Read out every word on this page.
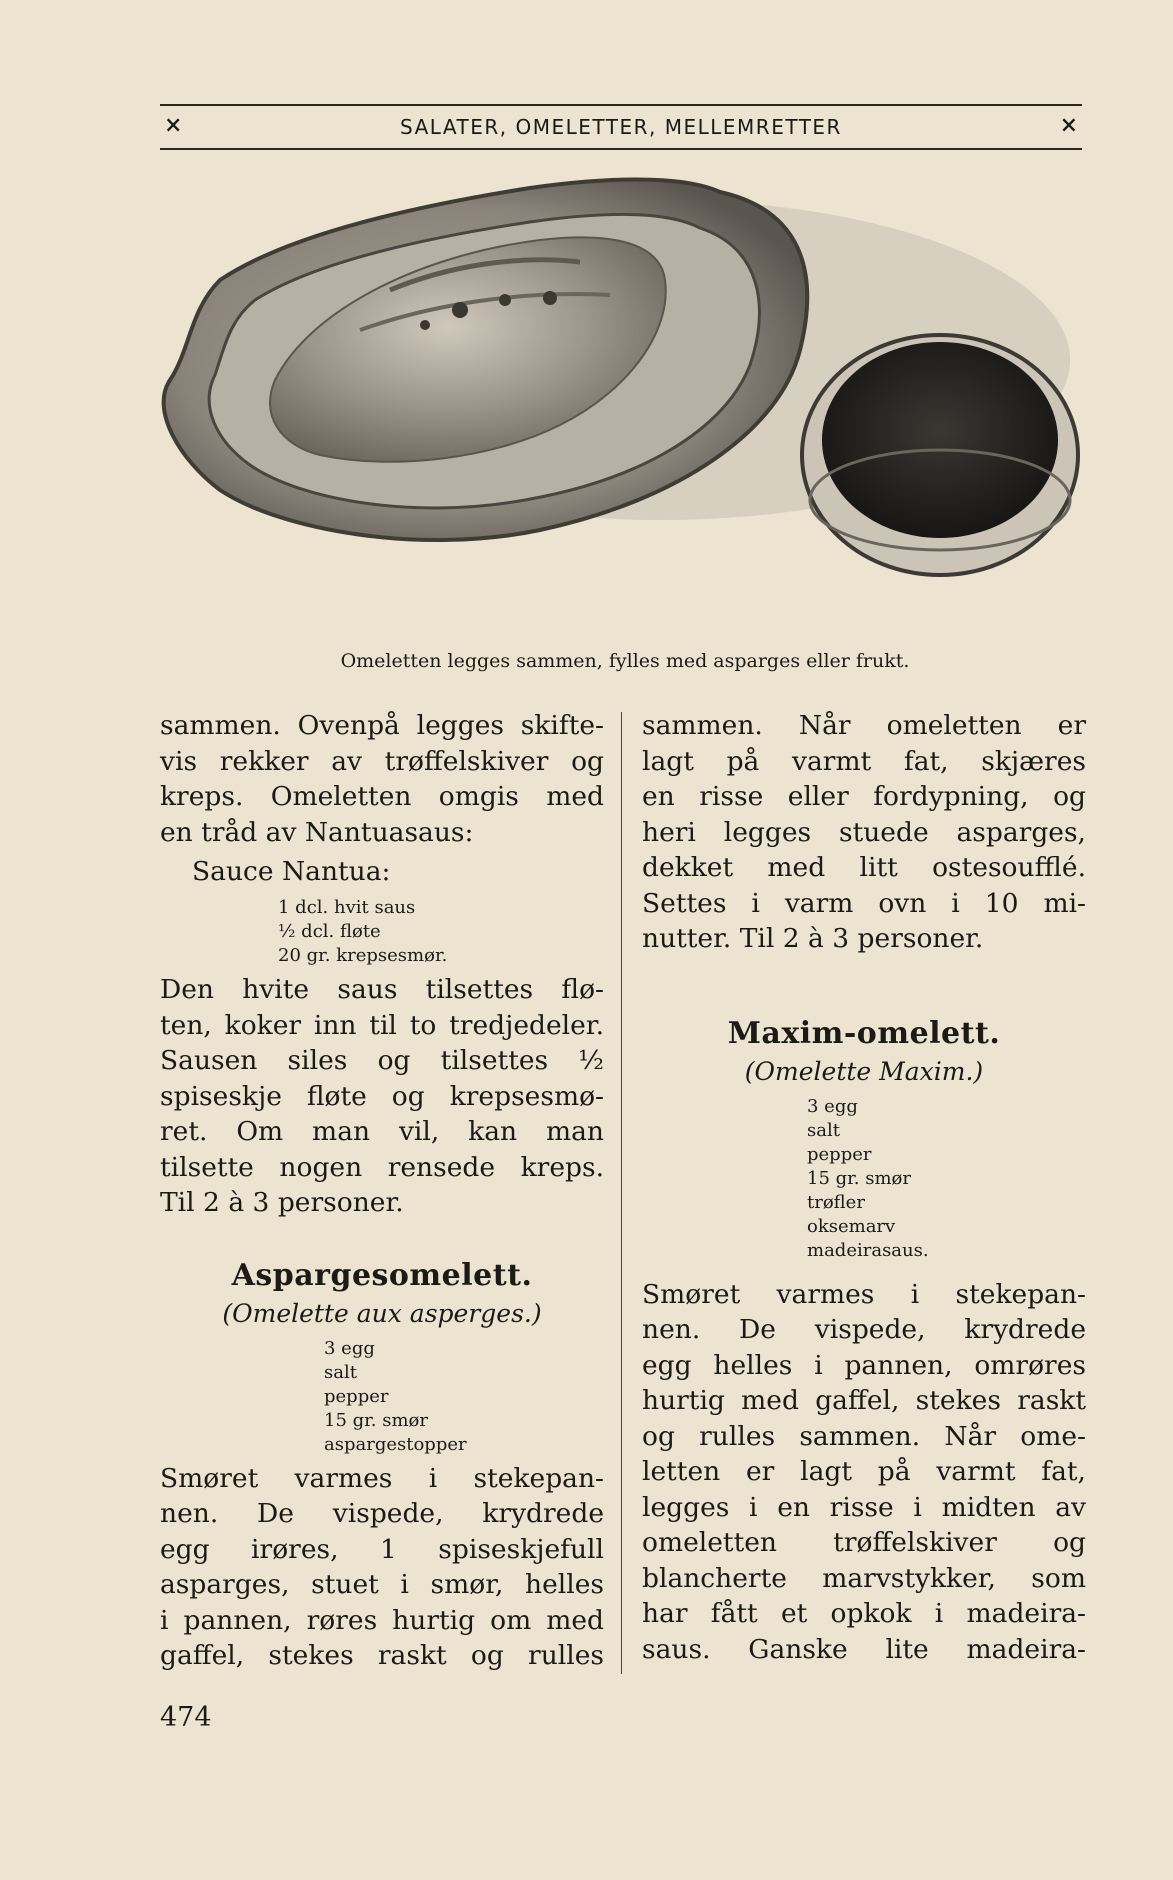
×	SALATER, OMELETTER, MELLEMRETTER	×
Omeletten legges sammen, fylles med asparges eller frukt.

sammen. Ovenpå legges skifte-
vis rekker av trøffelskiver og
kreps. Omeletten omgis med
en tråd av Nantuasaus:

Sauce Nantua:
1 dcl. hvit saus
½ dcl. fløte
20 gr. krepsesmør.

Den hvite saus tilsettes flø-
ten, koker inn til to tredjedeler.
Sausen siles og tilsettes ½
spiseskje fløte og krepsesmø-
ret. Om man vil, kan man
tilsette nogen rensede kreps.
Til 2 à 3 personer.

Aspargesomelett.
(Omelette aux asperges.)
3 egg
salt
pepper
15 gr. smør
aspargestopper

Smøret varmes i stekepan-
nen. De vispede, krydrede
egg irøres, 1 spiseskjefull
asparges, stuet i smør, helles
i pannen, røres hurtig om med
gaffel, stekes raskt og rulles

sammen. Når omeletten er
lagt på varmt fat, skjæres
en risse eller fordypning, og
heri legges stuede asparges,
dekket med litt ostesoufflé.
Settes i varm ovn i 10 mi-
nutter. Til 2 à 3 personer.

Maxim-omelett.
(Omelette Maxim.)
3 egg
salt
pepper
15 gr. smør
trøfler
oksemarv
madeirasaus.

Smøret varmes i stekepan-
nen. De vispede, krydrede
egg helles i pannen, omrøres
hurtig med gaffel, stekes raskt
og rulles sammen. Når ome-
letten er lagt på varmt fat,
legges i en risse i midten av
omeletten trøffelskiver og
blancherte marvstykker, som
har fått et opkok i madeira-
saus. Ganske lite madeira-

474
